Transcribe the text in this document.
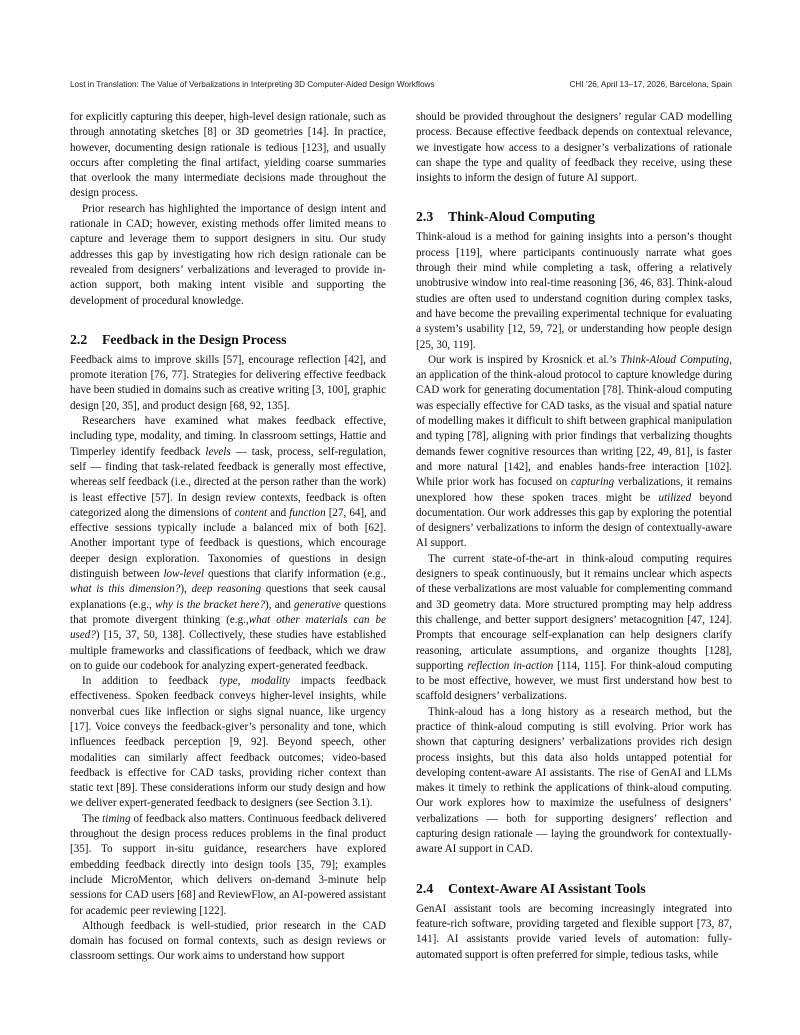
Lost in Translation: The Value of Verbalizations in Interpreting 3D Computer-Aided Design Workflows	CHI ’26, April 13–17, 2026, Barcelona, Spain

for explicitly capturing this deeper, high-level design rationale, such as through annotating sketches [8] or 3D geometries [14]. In practice, however, documenting design rationale is tedious [123], and usually occurs after completing the final artifact, yielding coarse summaries that overlook the many intermediate decisions made throughout the design process.

Prior research has highlighted the importance of design intent and rationale in CAD; however, existing methods offer limited means to capture and leverage them to support designers in situ. Our study addresses this gap by investigating how rich design rationale can be revealed from designers’ verbalizations and leveraged to provide in-action support, both making intent visible and supporting the development of procedural knowledge.

2.2 Feedback in the Design Process

Feedback aims to improve skills [57], encourage reflection [42], and promote iteration [76, 77]. Strategies for delivering effective feedback have been studied in domains such as creative writing [3, 100], graphic design [20, 35], and product design [68, 92, 135].

Researchers have examined what makes feedback effective, including type, modality, and timing. In classroom settings, Hattie and Timperley identify feedback levels — task, process, self-regulation, self — finding that task-related feedback is generally most effective, whereas self feedback (i.e., directed at the person rather than the work) is least effective [57]. In design review contexts, feedback is often categorized along the dimensions of content and function [27, 64], and effective sessions typically include a balanced mix of both [62]. Another important type of feedback is questions, which encourage deeper design exploration. Taxonomies of questions in design distinguish between low-level questions that clarify information (e.g., what is this dimension?), deep reasoning questions that seek causal explanations (e.g., why is the bracket here?), and generative questions that promote divergent thinking (e.g.,what other materials can be used?) [15, 37, 50, 138]. Collectively, these studies have established multiple frameworks and classifications of feedback, which we draw on to guide our codebook for analyzing expert-generated feedback.

In addition to feedback type, modality impacts feedback effectiveness. Spoken feedback conveys higher-level insights, while nonverbal cues like inflection or sighs signal nuance, like urgency [17]. Voice conveys the feedback-giver’s personality and tone, which influences feedback perception [9, 92]. Beyond speech, other modalities can similarly affect feedback outcomes; video-based feedback is effective for CAD tasks, providing richer context than static text [89]. These considerations inform our study design and how we deliver expert-generated feedback to designers (see Section 3.1).

The timing of feedback also matters. Continuous feedback delivered throughout the design process reduces problems in the final product [35]. To support in-situ guidance, researchers have explored embedding feedback directly into design tools [35, 79]; examples include MicroMentor, which delivers on-demand 3-minute help sessions for CAD users [68] and ReviewFlow, an AI-powered assistant for academic peer reviewing [122].

Although feedback is well-studied, prior research in the CAD domain has focused on formal contexts, such as design reviews or classroom settings. Our work aims to understand how support

should be provided throughout the designers’ regular CAD modelling process. Because effective feedback depends on contextual relevance, we investigate how access to a designer’s verbalizations of rationale can shape the type and quality of feedback they receive, using these insights to inform the design of future AI support.

2.3 Think-Aloud Computing

Think-aloud is a method for gaining insights into a person’s thought process [119], where participants continuously narrate what goes through their mind while completing a task, offering a relatively unobtrusive window into real-time reasoning [36, 46, 83]. Think-aloud studies are often used to understand cognition during complex tasks, and have become the prevailing experimental technique for evaluating a system’s usability [12, 59, 72], or understanding how people design [25, 30, 119].

Our work is inspired by Krosnick et al.’s Think-Aloud Computing, an application of the think-aloud protocol to capture knowledge during CAD work for generating documentation [78]. Think-aloud computing was especially effective for CAD tasks, as the visual and spatial nature of modelling makes it difficult to shift between graphical manipulation and typing [78], aligning with prior findings that verbalizing thoughts demands fewer cognitive resources than writing [22, 49, 81], is faster and more natural [142], and enables hands-free interaction [102]. While prior work has focused on capturing verbalizations, it remains unexplored how these spoken traces might be utilized beyond documentation. Our work addresses this gap by exploring the potential of designers’ verbalizations to inform the design of contextually-aware AI support.

The current state-of-the-art in think-aloud computing requires designers to speak continuously, but it remains unclear which aspects of these verbalizations are most valuable for complementing command and 3D geometry data. More structured prompting may help address this challenge, and better support designers’ metacognition [47, 124]. Prompts that encourage self-explanation can help designers clarify reasoning, articulate assumptions, and organize thoughts [128], supporting reflection in-action [114, 115]. For think-aloud computing to be most effective, however, we must first understand how best to scaffold designers’ verbalizations.

Think-aloud has a long history as a research method, but the practice of think-aloud computing is still evolving. Prior work has shown that capturing designers’ verbalizations provides rich design process insights, but this data also holds untapped potential for developing content-aware AI assistants. The rise of GenAI and LLMs makes it timely to rethink the applications of think-aloud computing. Our work explores how to maximize the usefulness of designers’ verbalizations — both for supporting designers’ reflection and capturing design rationale — laying the groundwork for contextually-aware AI support in CAD.

2.4 Context-Aware AI Assistant Tools

GenAI assistant tools are becoming increasingly integrated into feature-rich software, providing targeted and flexible support [73, 87, 141]. AI assistants provide varied levels of automation: fully-automated support is often preferred for simple, tedious tasks, while
